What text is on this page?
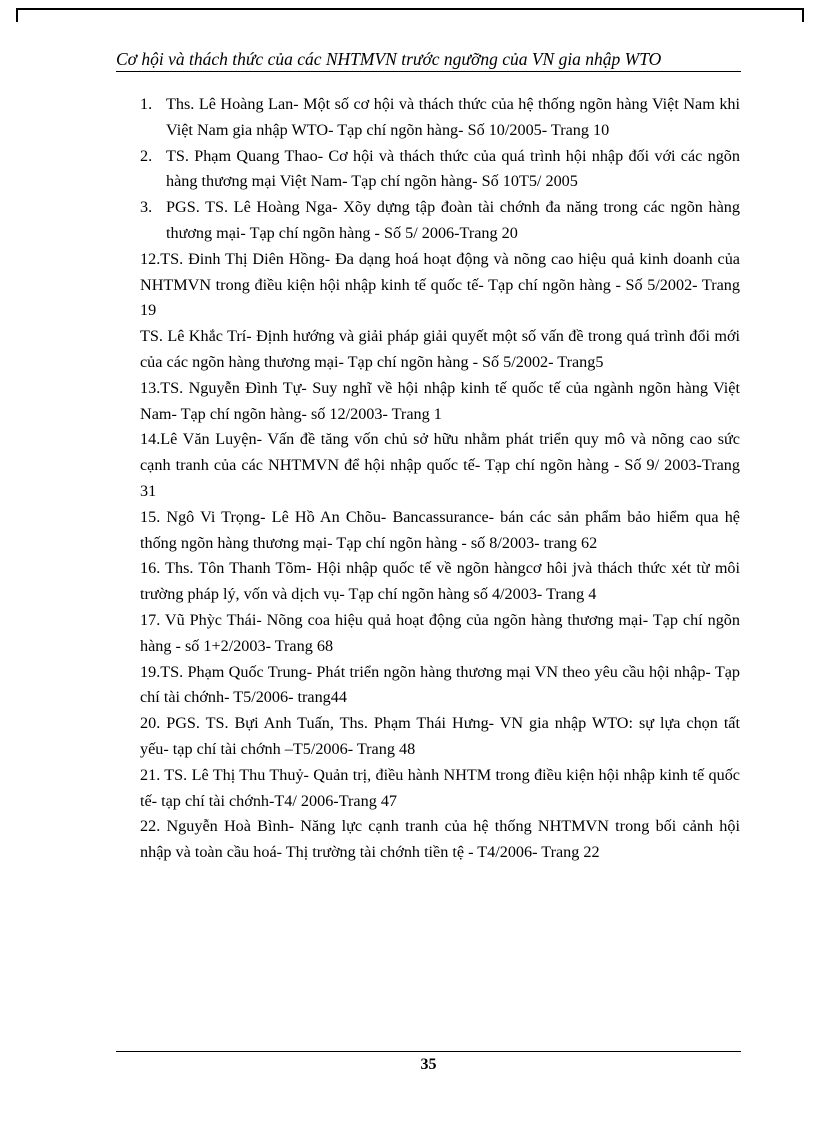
Cơ hội và thách thức của các NHTMVN trước ngưỡng của VN gia nhập WTO
1. Ths. Lê Hoàng Lan- Một số cơ hội và thách thức của hệ thống ngõn hàng Việt Nam khi Việt Nam gia nhập WTO- Tạp chí ngõn hàng- Số 10/2005- Trang 10
2. TS. Phạm Quang Thao- Cơ hội và thách thức của quá trình hội nhập đối với các ngõn hàng thương mại Việt Nam- Tạp chí ngõn hàng- Số 10T5/ 2005
3. PGS. TS. Lê Hoàng Nga- Xõy dựng tập đoàn tài chớnh đa năng trong các ngõn hàng thương mại- Tạp chí ngõn hàng - Số 5/ 2006-Trang 20

12.TS. Đinh Thị Diên Hồng- Đa dạng hoá hoạt động và nõng cao hiệu quả kinh doanh của NHTMVN trong điều kiện hội nhập kinh tế quốc tế- Tạp chí ngõn hàng - Số 5/2002- Trang 19

TS. Lê Khắc Trí- Định hướng và giải pháp giải quyết một số vấn đề trong quá trình đổi mới của các ngõn hàng thương mại- Tạp chí ngõn hàng - Số 5/2002- Trang5

13.TS. Nguyễn Đình Tự- Suy nghĩ về hội nhập kinh tế quốc tế của ngành ngõn hàng Việt Nam- Tạp chí ngõn hàng- số 12/2003- Trang 1

14.Lê Văn Luyện- Vấn đề tăng vốn chủ sở hữu nhằm phát triển quy mô và nõng cao sức cạnh tranh của các NHTMVN để hội nhập quốc tế- Tạp chí ngõn hàng - Số 9/ 2003-Trang 31

15. Ngô Vi Trọng- Lê Hồ An Chõu- Bancassurance- bán các sản phẩm bảo hiểm qua hệ thống ngõn hàng thương mại- Tạp chí ngõn hàng - số 8/2003- trang 62

16. Ths. Tôn Thanh Tõm- Hội nhập quốc tế về ngõn hàngcơ hôi jvà thách thức xét từ môi trường pháp lý, vốn và dịch vụ- Tạp chí ngõn hàng số 4/2003- Trang 4

17. Vũ Phỳc Thái- Nõng coa hiệu quả hoạt động của ngõn hàng thương mại- Tạp chí ngõn hàng - số 1+2/2003- Trang 68

19.TS. Phạm Quốc Trung- Phát triển ngõn hàng thương mại VN theo yêu cầu hội nhập- Tạp chí tài chớnh- T5/2006- trang44

20. PGS. TS. Bựi Anh Tuấn, Ths. Phạm Thái Hưng- VN gia nhập WTO: sự lựa chọn tất yếu- tạp chí tài chớnh –T5/2006- Trang 48

21. TS. Lê Thị Thu Thuỷ- Quản trị, điều hành NHTM trong điều kiện hội nhập kinh tế quốc tế- tạp chí tài chớnh-T4/ 2006-Trang 47

22. Nguyễn Hoà Bình- Năng lực cạnh tranh của hệ thống NHTMVN trong bối cảnh hội nhập và toàn cầu hoá- Thị trường tài chớnh tiền tệ - T4/2006- Trang 22

35
